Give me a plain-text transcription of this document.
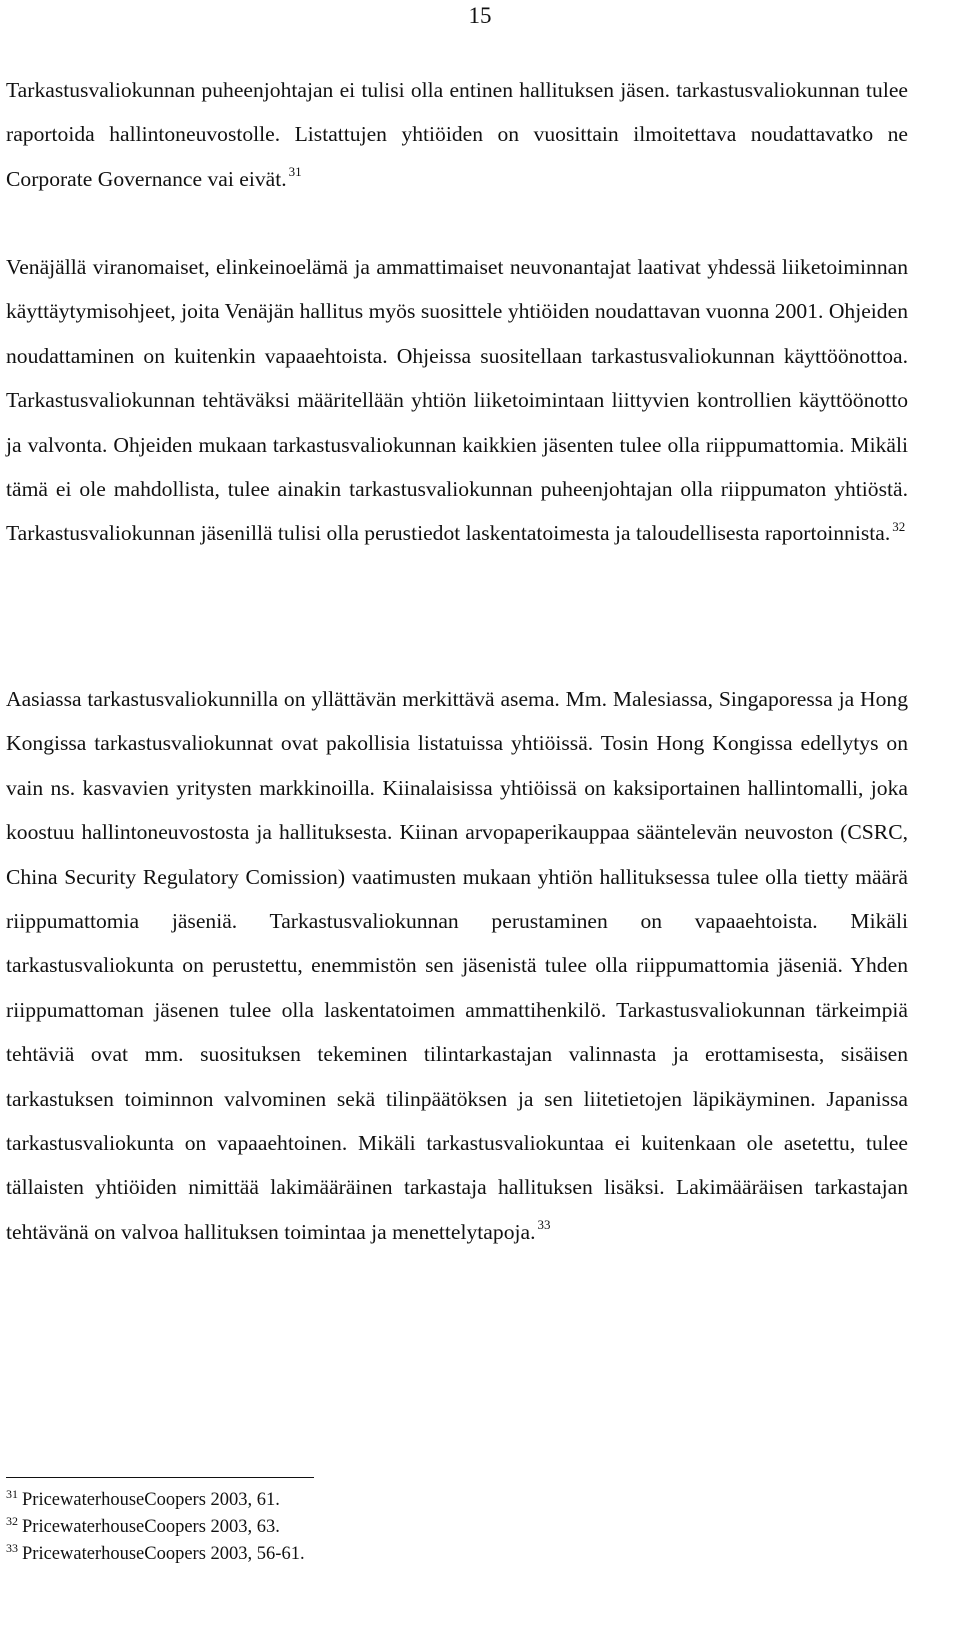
15

Tarkastusvaliokunnan puheenjohtajan ei tulisi olla entinen hallituksen jäsen. tarkastusvaliokunnan tulee raportoida hallintoneuvostolle. Listattujen yhtiöiden on vuosittain ilmoitettava noudattavatko ne Corporate Governance vai eivät. $^{31}$

Venäjällä viranomaiset, elinkeinoelämä ja ammattimaiset neuvonantajat laativat yhdessä liiketoiminnan käyttäytymisohjeet, joita Venäjän hallitus myös suosittele yhtiöiden noudattavan vuonna 2001. Ohjeiden noudattaminen on kuitenkin vapaaehtoista. Ohjeissa suositellaan tarkastusvaliokunnan käyttöönottoa. Tarkastusvaliokunnan tehtäväksi määritellään yhtiön liiketoimintaan liittyvien kontrollien käyttöönotto ja valvonta. Ohjeiden mukaan tarkastusvaliokunnan kaikkien jäsenten tulee olla riippumattomia. Mikäli tämä ei ole mahdollista, tulee ainakin tarkastusvaliokunnan puheenjohtajan olla riippumaton yhtiöstä. Tarkastusvaliokunnan jäsenillä tulisi olla perustiedot laskentatoimesta ja taloudellisesta raportoinnista. $^{32}$

Aasiassa tarkastusvaliokunnilla on yllättävän merkittävä asema. Mm. Malesiassa, Singaporessa ja Hong Kongissa tarkastusvaliokunnat ovat pakollisia listatuissa yhtiöissä. Tosin Hong Kongissa edellytys on vain ns. kasvavien yritysten markkinoilla. Kiinalaisissa yhtiöissä on kaksiportainen hallintomalli, joka koostuu hallintoneuvostosta ja hallituksesta. Kiinan arvopaperikauppaa sääntelevän neuvoston (CSRC, China Security Regulatory Comission) vaatimusten mukaan yhtiön hallituksessa tulee olla tietty määrä riippumattomia jäseniä. Tarkastusvaliokunnan perustaminen on vapaaehtoista. Mikäli tarkastusvaliokunta on perustettu, enemmistön sen jäsenistä tulee olla riippumattomia jäseniä. Yhden riippumattoman jäsenen tulee olla laskentatoimen ammattihenkilö. Tarkastusvaliokunnan tärkeimpiä tehtäviä ovat mm. suosituksen tekeminen tilintarkastajan valinnasta ja erottamisesta, sisäisen tarkastuksen toiminnon valvominen sekä tilinpäätöksen ja sen liitetietojen läpikäyminen. Japanissa tarkastusvaliokunta on vapaaehtoinen. Mikäli tarkastusvaliokuntaa ei kuitenkaan ole asetettu, tulee tällaisten yhtiöiden nimittää lakimääräinen tarkastaja hallituksen lisäksi. Lakimääräisen tarkastajan tehtävänä on valvoa hallituksen toimintaa ja menettelytapoja. $^{33}$

$^{31}$ PricewaterhouseCoopers 2003, 61.
$^{32}$ PricewaterhouseCoopers 2003, 63.
$^{33}$ PricewaterhouseCoopers 2003, 56-61.
